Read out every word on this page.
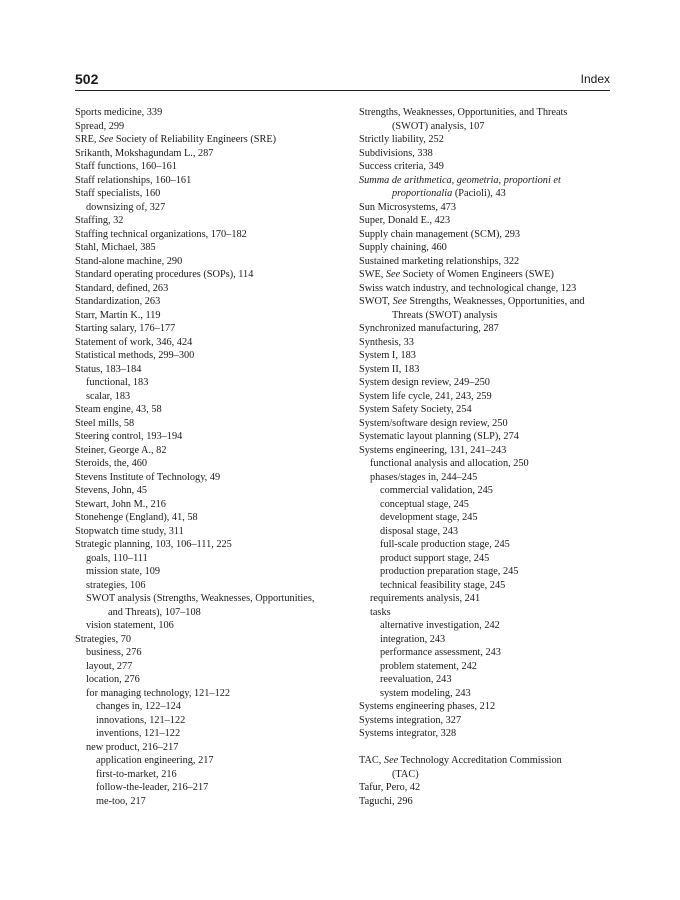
502	Index
Sports medicine, 339
Spread, 299
SRE, See Society of Reliability Engineers (SRE)
Srikanth, Mokshagundam L., 287
Staff functions, 160–161
Staff relationships, 160–161
Staff specialists, 160
downsizing of, 327
Staffing, 32
Staffing technical organizations, 170–182
Stahl, Michael, 385
Stand-alone machine, 290
Standard operating procedures (SOPs), 114
Standard, defined, 263
Standardization, 263
Starr, Martin K., 119
Starting salary, 176–177
Statement of work, 346, 424
Statistical methods, 299–300
Status, 183–184
functional, 183
scalar, 183
Steam engine, 43, 58
Steel mills, 58
Steering control, 193–194
Steiner, George A., 82
Steroids, the, 460
Stevens Institute of Technology, 49
Stevens, John, 45
Stewart, John M., 216
Stonehenge (England), 41, 58
Stopwatch time study, 311
Strategic planning, 103, 106–111, 225
goals, 110–111
mission state, 109
strategies, 106
SWOT analysis (Strengths, Weaknesses, Opportunities,
and Threats), 107–108
vision statement, 106
Strategies, 70
business, 276
layout, 277
location, 276
for managing technology, 121–122
changes in, 122–124
innovations, 121–122
inventions, 121–122
new product, 216–217
application engineering, 217
first-to-market, 216
follow-the-leader, 216–217
me-too, 217
Strengths, Weaknesses, Opportunities, and Threats
(SWOT) analysis, 107
Strictly liability, 252
Subdivisions, 338
Success criteria, 349
Summa de arithmetica, geometria, proportioni et
proportionalia (Pacioli), 43
Sun Microsystems, 473
Super, Donald E., 423
Supply chain management (SCM), 293
Supply chaining, 460
Sustained marketing relationships, 322
SWE, See Society of Women Engineers (SWE)
Swiss watch industry, and technological change, 123
SWOT, See Strengths, Weaknesses, Opportunities, and
Threats (SWOT) analysis
Synchronized manufacturing, 287
Synthesis, 33
System I, 183
System II, 183
System design review, 249–250
System life cycle, 241, 243, 259
System Safety Society, 254
System/software design review, 250
Systematic layout planning (SLP), 274
Systems engineering, 131, 241–243
functional analysis and allocation, 250
phases/stages in, 244–245
commercial validation, 245
conceptual stage, 245
development stage, 245
disposal stage, 243
full-scale production stage, 245
product support stage, 245
production preparation stage, 245
technical feasibility stage, 245
requirements analysis, 241
tasks
alternative investigation, 242
integration, 243
performance assessment, 243
problem statement, 242
reevaluation, 243
system modeling, 243
Systems engineering phases, 212
Systems integration, 327
Systems integrator, 328
TAC, See Technology Accreditation Commission
(TAC)
Tafur, Pero, 42
Taguchi, 296
